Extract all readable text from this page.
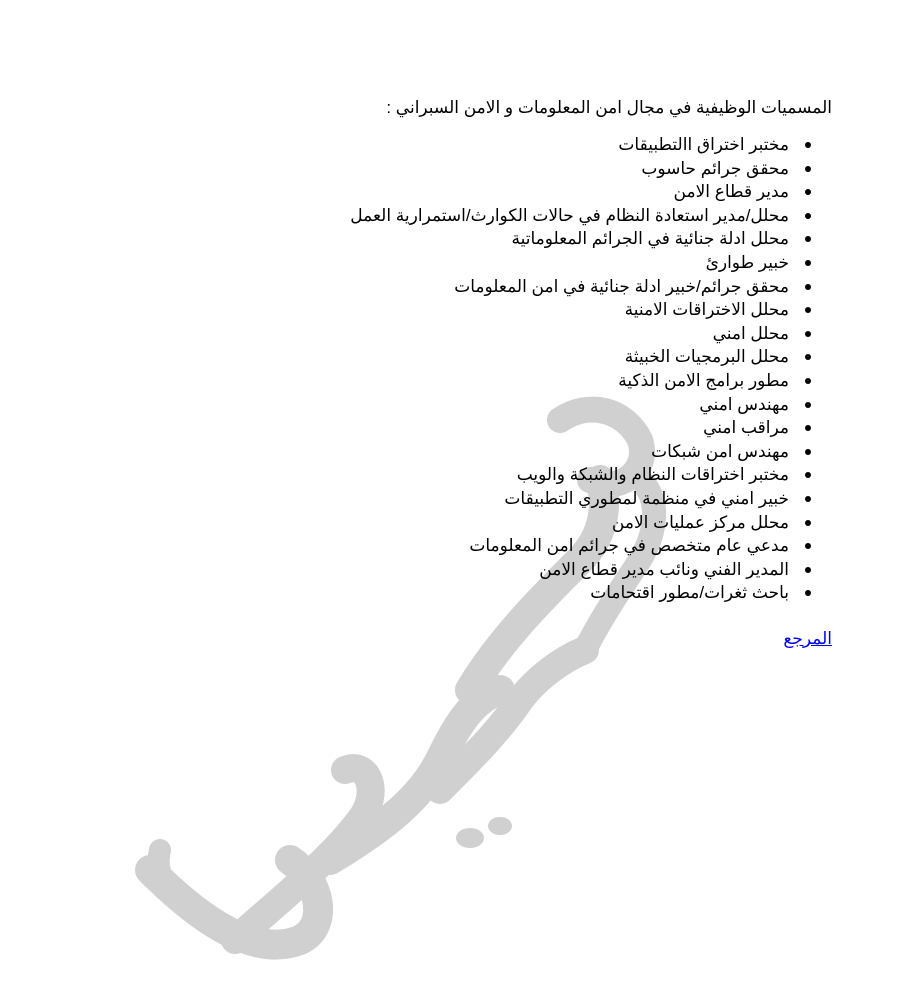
المسميات الوظيفية في مجال امن المعلومات و الامن السبراني :

مختبر اختراق االتطبيقات
محقق جرائم حاسوب
مدير قطاع الامن
محلل/مدير استعادة النظام في حالات الكوارث/استمرارية العمل
محلل ادلة جنائية في الجرائم المعلوماتية
خبير طوارئ
محقق جرائم/خبير ادلة جنائية في امن المعلومات
محلل الاختراقات الامنية
محلل امني
محلل البرمجيات الخبيثة
مطور برامج الامن الذكية
مهندس امني
مراقب امني
مهندس امن شبكات
مختبر اختراقات النظام والشبكة والويب
خبير امني في منظمة لمطوري التطبيقات
محلل مركز عمليات الامن
مدعي عام متخصص في جرائم امن المعلومات
المدير الفني ونائب مدير قطاع الامن
باحث ثغرات/مطور اقتحامات
المرجع
